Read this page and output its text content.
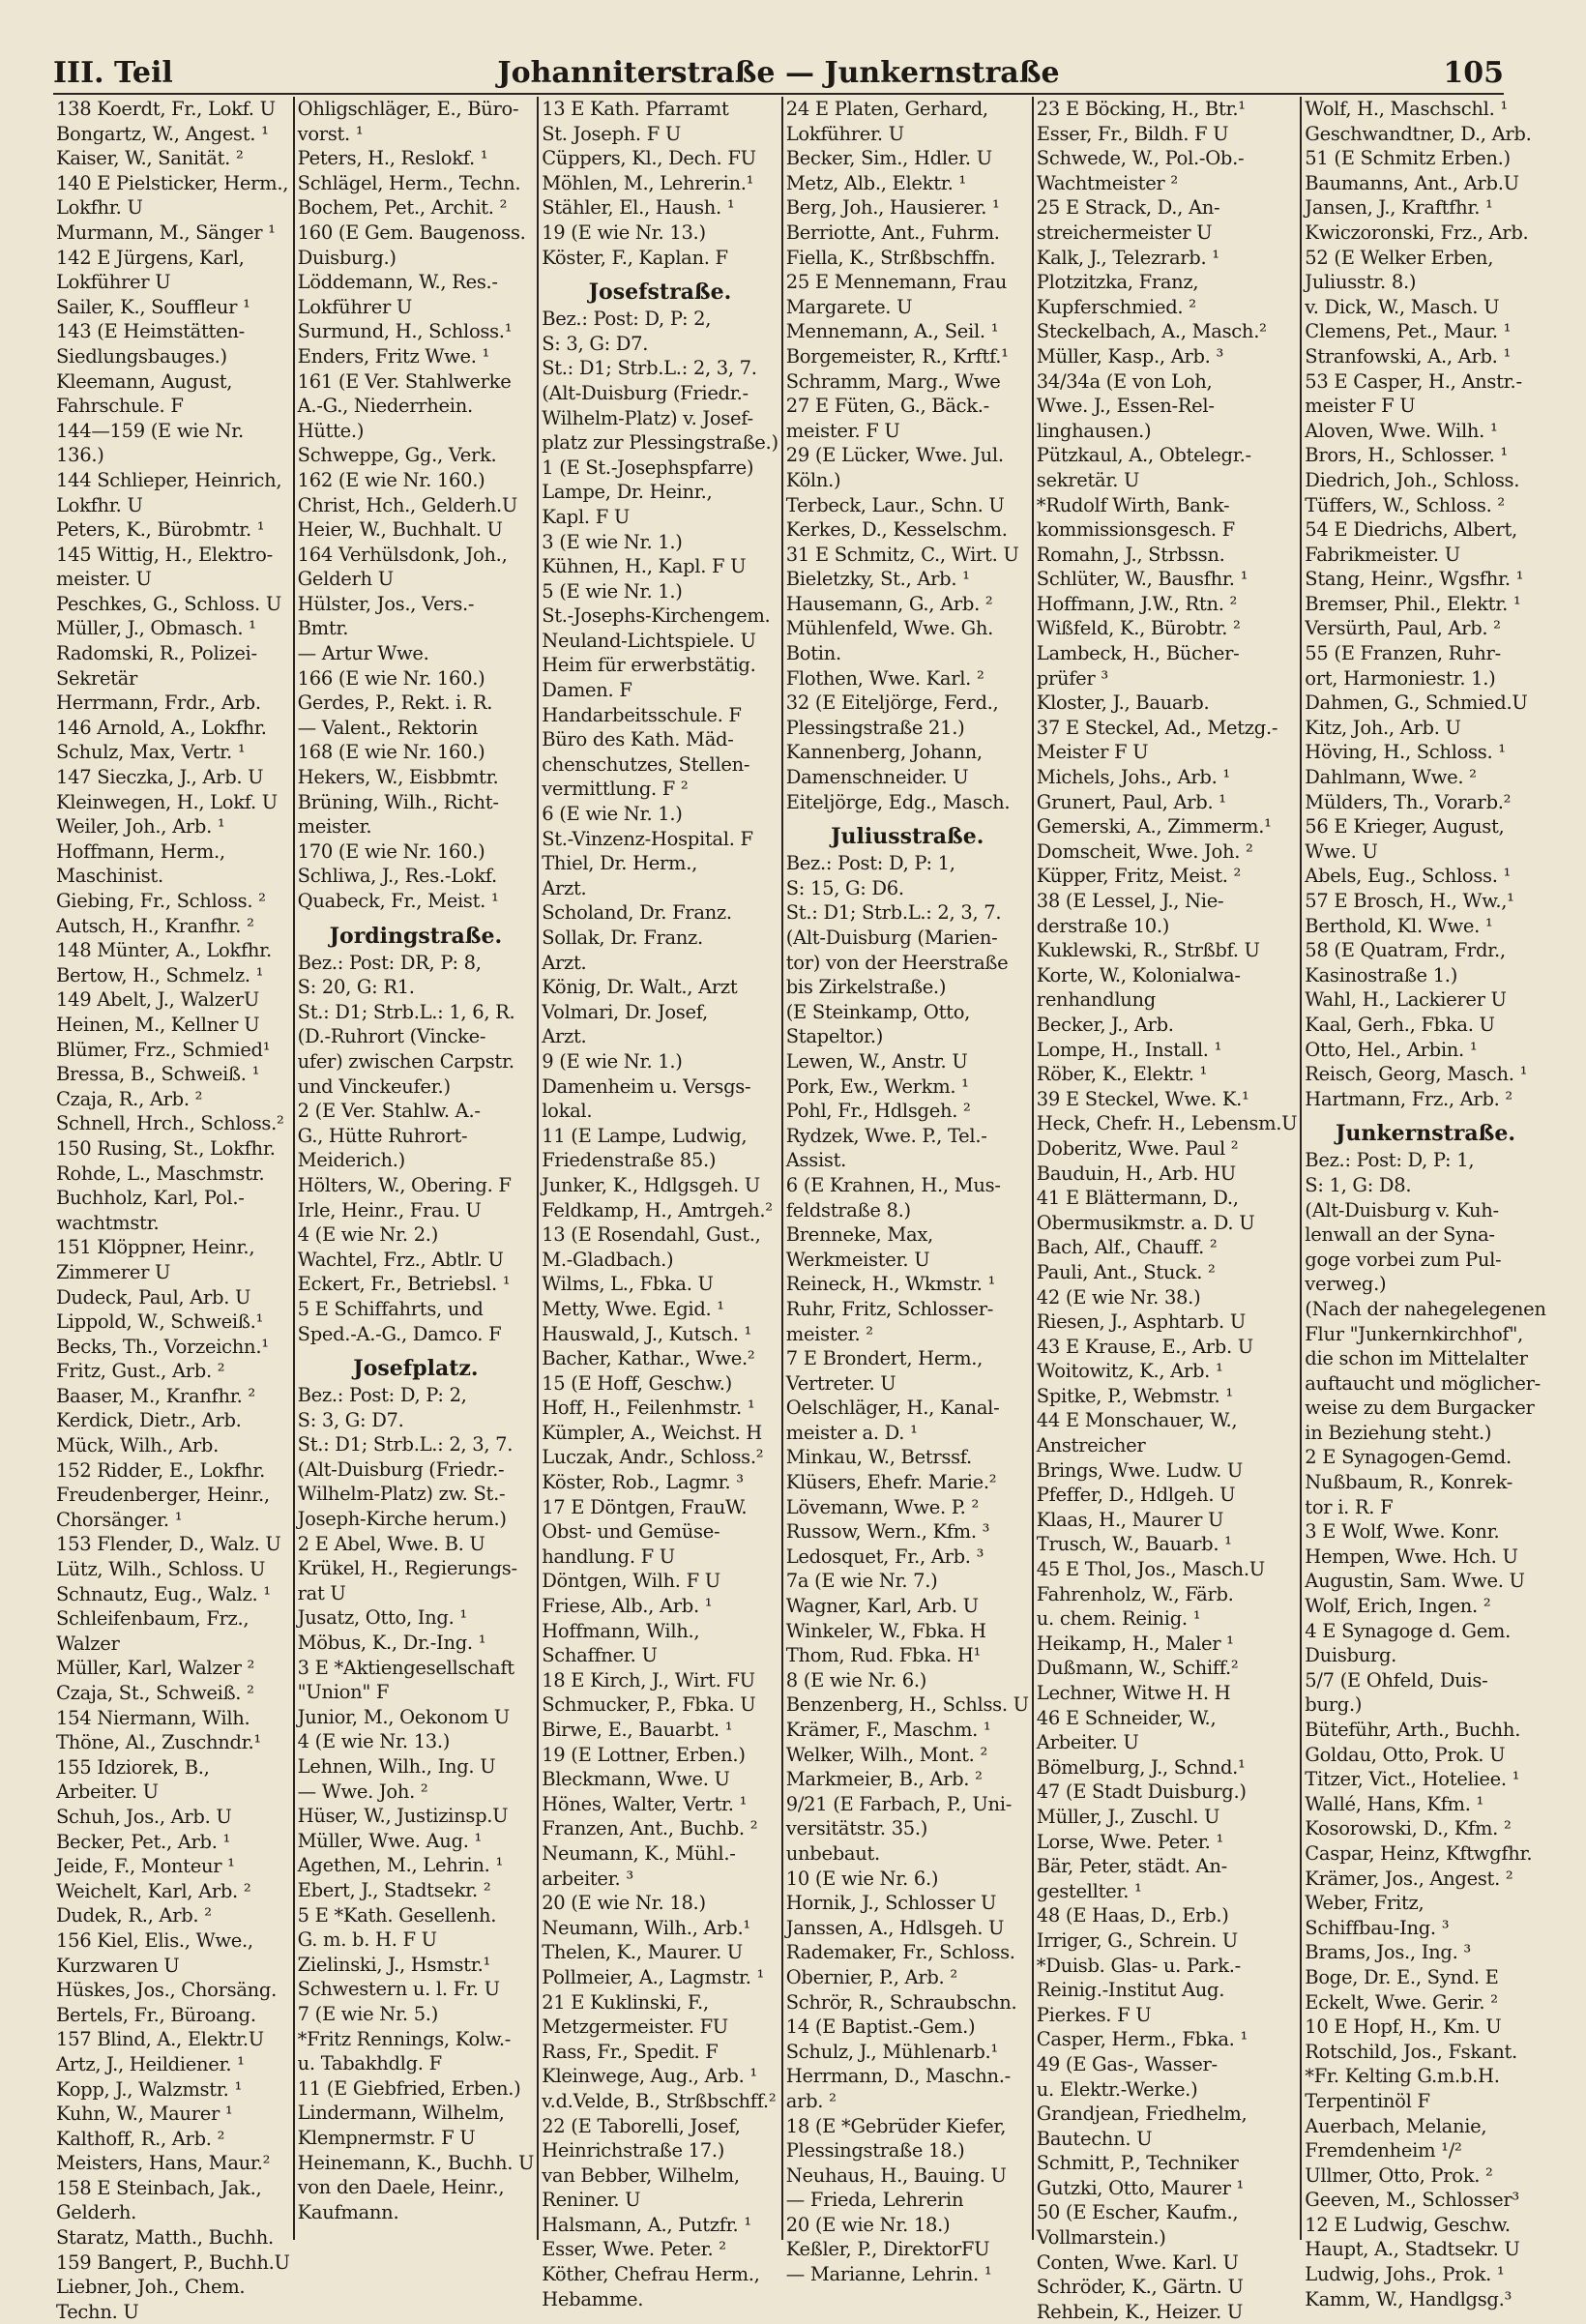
III. Teil	Johanniterstraße — Junkernstraße	105
138 Koerdt, Fr., Lokf. U
Bongartz, W., Angest. ¹
Kaiser, W., Sanität. ²
140 E Pielsticker, Herm.,
Lokfhr. U
Murmann, M., Sänger ¹
142 E Jürgens, Karl,
Lokführer U
Sailer, K., Souffleur ¹
143 (E Heimstätten-
Siedlungsbauges.)
Kleemann, August,
Fahrschule. F
144—159 (E wie Nr.
136.)
144 Schlieper, Heinrich,
Lokfhr. U
Peters, K., Bürobmtr. ¹
145 Wittig, H., Elektro-
meister. U
Peschkes, G., Schloss. U
Müller, J., Obmasch. ¹
Radomski, R., Polizei-
Sekretär
Herrmann, Frdr., Arb.
146 Arnold, A., Lokfhr.
Schulz, Max, Vertr. ¹
147 Sieczka, J., Arb. U
Kleinwegen, H., Lokf. U
Weiler, Joh., Arb. ¹
Hoffmann, Herm.,
Maschinist.
Giebing, Fr., Schloss. ²
Autsch, H., Kranfhr. ²
148 Münter, A., Lokfhr.
Bertow, H., Schmelz. ¹
149 Abelt, J., WalzerU
Heinen, M., Kellner U
Blümer, Frz., Schmied¹
Bressa, B., Schweiß. ¹
Czaja, R., Arb. ²
Schnell, Hrch., Schloss.²
150 Rusing, St., Lokfhr.
Rohde, L., Maschmstr.
Buchholz, Karl, Pol.-
wachtmstr.
151 Klöppner, Heinr.,
Zimmerer U
Dudeck, Paul, Arb. U
Lippold, W., Schweiß.¹
Becks, Th., Vorzeichn.¹
Fritz, Gust., Arb. ²
Baaser, M., Kranfhr. ²
Kerdick, Dietr., Arb.
Mück, Wilh., Arb.
152 Ridder, E., Lokfhr.
Freudenberger, Heinr.,
Chorsänger. ¹
153 Flender, D., Walz. U
Lütz, Wilh., Schloss. U
Schnautz, Eug., Walz. ¹
Schleifenbaum, Frz.,
Walzer
Müller, Karl, Walzer ²
Czaja, St., Schweiß. ²
154 Niermann, Wilh.
Thöne, Al., Zuschndr.¹
155 Idziorek, B.,
Arbeiter. U
Schuh, Jos., Arb. U
Becker, Pet., Arb. ¹
Jeide, F., Monteur ¹
Weichelt, Karl, Arb. ²
Dudek, R., Arb. ²
156 Kiel, Elis., Wwe.,
Kurzwaren U
Hüskes, Jos., Chorsäng.
Bertels, Fr., Büroang.
157 Blind, A., Elektr.U
Artz, J., Heildiener. ¹
Kopp, J., Walzmstr. ¹
Kuhn, W., Maurer ¹
Kalthoff, R., Arb. ²
Meisters, Hans, Maur.²
158 E Steinbach, Jak.,
Gelderh.
Staratz, Matth., Buchh.
159 Bangert, P., Buchh.U
Liebner, Joh., Chem.
Techn. U
Ohligschläger, E., Büro-
vorst. ¹
Peters, H., Reslokf. ¹
Schlägel, Herm., Techn.
Bochem, Pet., Archit. ²
160 (E Gem. Baugenoss.
Duisburg.)
Löddemann, W., Res.-
Lokführer U
Surmund, H., Schloss.¹
Enders, Fritz Wwe. ¹
161 (E Ver. Stahlwerke
A.-G., Niederrhein.
Hütte.)
Schweppe, Gg., Verk.
162 (E wie Nr. 160.)
Christ, Hch., Gelderh.U
Heier, W., Buchhalt. U
164 Verhülsdonk, Joh.,
Gelderh U
Hülster, Jos., Vers.-
Bmtr.
— Artur Wwe.
166 (E wie Nr. 160.)
Gerdes, P., Rekt. i. R.
— Valent., Rektorin
168 (E wie Nr. 160.)
Hekers, W., Eisbbmtr.
Brüning, Wilh., Richt-
meister.
170 (E wie Nr. 160.)
Schliwa, J., Res.-Lokf.
Quabeck, Fr., Meist. ¹
Jordingstraße.
Bez.: Post: DR, P: 8,
S: 20, G: R1.
St.: D1; Strb.L.: 1, 6, R.
(D.-Ruhrort (Vincke-
ufer) zwischen Carpstr.
und Vinckeufer.)
2 (E Ver. Stahlw. A.-
G., Hütte Ruhrort-
Meiderich.)
Hölters, W., Obering. F
Irle, Heinr., Frau. U
4 (E wie Nr. 2.)
Wachtel, Frz., Abtlr. U
Eckert, Fr., Betriebsl. ¹
5 E Schiffahrts, und
Sped.-A.-G., Damco. F
Josefplatz.
Bez.: Post: D, P: 2,
S: 3, G: D7.
St.: D1; Strb.L.: 2, 3, 7.
(Alt-Duisburg (Friedr.-
Wilhelm-Platz) zw. St.-
Joseph-Kirche herum.)
2 E Abel, Wwe. B. U
Krükel, H., Regierungs-
rat U
Jusatz, Otto, Ing. ¹
Möbus, K., Dr.-Ing. ¹
3 E *Aktiengesellschaft
"Union" F
Junior, M., Oekonom U
4 (E wie Nr. 13.)
Lehnen, Wilh., Ing. U
— Wwe. Joh. ²
Hüser, W., Justizinsp.U
Müller, Wwe. Aug. ¹
Agethen, M., Lehrin. ¹
Ebert, J., Stadtsekr. ²
5 E *Kath. Gesellenh.
G. m. b. H. F U
Zielinski, J., Hsmstr.¹
Schwestern u. l. Fr. U
7 (E wie Nr. 5.)
*Fritz Rennings, Kolw.-
u. Tabakhdlg. F
11 (E Giebfried, Erben.)
Lindermann, Wilhelm,
Klempnermstr. F U
Heinemann, K., Buchh. U
von den Daele, Heinr.,
Kaufmann.
13 E Kath. Pfarramt
St. Joseph. F U
Cüppers, Kl., Dech. FU
Möhlen, M., Lehrerin.¹
Stähler, El., Haush. ¹
19 (E wie Nr. 13.)
Köster, F., Kaplan. F
Josefstraße.
Bez.: Post: D, P: 2,
S: 3, G: D7.
St.: D1; Strb.L.: 2, 3, 7.
(Alt-Duisburg (Friedr.-
Wilhelm-Platz) v. Josef-
platz zur Plessingstraße.)
1 (E St.-Josephspfarre)
Lampe, Dr. Heinr.,
Kapl. F U
3 (E wie Nr. 1.)
Kühnen, H., Kapl. F U
5 (E wie Nr. 1.)
St.-Josephs-Kirchengem.
Neuland-Lichtspiele. U
Heim für erwerbstätig.
Damen. F
Handarbeitsschule. F
Büro des Kath. Mäd-
chenschutzes, Stellen-
vermittlung. F ²
6 (E wie Nr. 1.)
St.-Vinzenz-Hospital. F
Thiel, Dr. Herm.,
Arzt.
Scholand, Dr. Franz.
Sollak, Dr. Franz.
Arzt.
König, Dr. Walt., Arzt
Volmari, Dr. Josef,
Arzt.
9 (E wie Nr. 1.)
Damenheim u. Versgs-
lokal.
11 (E Lampe, Ludwig,
Friedenstraße 85.)
Junker, K., Hdlgsgeh. U
Feldkamp, H., Amtrgeh.²
13 (E Rosendahl, Gust.,
M.-Gladbach.)
Wilms, L., Fbka. U
Metty, Wwe. Egid. ¹
Hauswald, J., Kutsch. ¹
Bacher, Kathar., Wwe.²
15 (E Hoff, Geschw.)
Hoff, H., Feilenhmstr. ¹
Kümpler, A., Weichst. H
Luczak, Andr., Schloss.²
Köster, Rob., Lagmr. ³
17 E Döntgen, FrauW.
Obst- und Gemüse-
handlung. F U
Döntgen, Wilh. F U
Friese, Alb., Arb. ¹
Hoffmann, Wilh.,
Schaffner. U
18 E Kirch, J., Wirt. FU
Schmucker, P., Fbka. U
Birwe, E., Bauarbt. ¹
19 (E Lottner, Erben.)
Bleckmann, Wwe. U
Hönes, Walter, Vertr. ¹
Franzen, Ant., Buchb. ²
Neumann, K., Mühl.-
arbeiter. ³
20 (E wie Nr. 18.)
Neumann, Wilh., Arb.¹
Thelen, K., Maurer. U
Pollmeier, A., Lagmstr. ¹
21 E Kuklinski, F.,
Metzgermeister. FU
Rass, Fr., Spedit. F
Kleinwege, Aug., Arb. ¹
v.d.Velde, B., Strßbschff.²
22 (E Taborelli, Josef,
Heinrichstraße 17.)
van Bebber, Wilhelm,
Reniner. U
Halsmann, A., Putzfr. ¹
Esser, Wwe. Peter. ²
Köther, Chefrau Herm.,
Hebamme.
24 E Platen, Gerhard,
Lokführer. U
Becker, Sim., Hdler. U
Metz, Alb., Elektr. ¹
Berg, Joh., Hausierer. ¹
Berriotte, Ant., Fuhrm.
Fiella, K., Strßbschffn.
25 E Mennemann, Frau
Margarete. U
Mennemann, A., Seil. ¹
Borgemeister, R., Krftf.¹
Schramm, Marg., Wwe
27 E Füten, G., Bäck.-
meister. F U
29 (E Lücker, Wwe. Jul.
Köln.)
Terbeck, Laur., Schn. U
Kerkes, D., Kesselschm.
31 E Schmitz, C., Wirt. U
Bieletzky, St., Arb. ¹
Hausemann, G., Arb. ²
Mühlenfeld, Wwe. Gh.
Botin.
Flothen, Wwe. Karl. ²
32 (E Eiteljörge, Ferd.,
Plessingstraße 21.)
Kannenberg, Johann,
Damenschneider. U
Eiteljörge, Edg., Masch.
Juliusstraße.
Bez.: Post: D, P: 1,
S: 15, G: D6.
St.: D1; Strb.L.: 2, 3, 7.
(Alt-Duisburg (Marien-
tor) von der Heerstraße
bis Zirkelstraße.)
(E Steinkamp, Otto,
Stapeltor.)
Lewen, W., Anstr. U
Pork, Ew., Werkm. ¹
Pohl, Fr., Hdlsgeh. ²
Rydzek, Wwe. P., Tel.-
Assist.
6 (E Krahnen, H., Mus-
feldstraße 8.)
Brenneke, Max,
Werkmeister. U
Reineck, H., Wkmstr. ¹
Ruhr, Fritz, Schlosser-
meister. ²
7 E Brondert, Herm.,
Vertreter. U
Oelschläger, H., Kanal-
meister a. D. ¹
Minkau, W., Betrssf.
Klüsers, Ehefr. Marie.²
Lövemann, Wwe. P. ²
Russow, Wern., Kfm. ³
Ledosquet, Fr., Arb. ³
7a (E wie Nr. 7.)
Wagner, Karl, Arb. U
Winkeler, W., Fbka. H
Thom, Rud. Fbka. H¹
8 (E wie Nr. 6.)
Benzenberg, H., Schlss. U
Krämer, F., Maschm. ¹
Welker, Wilh., Mont. ²
Markmeier, B., Arb. ²
9/21 (E Farbach, P., Uni-
versitätstr. 35.)
unbebaut.
10 (E wie Nr. 6.)
Hornik, J., Schlosser U
Janssen, A., Hdlsgeh. U
Rademaker, Fr., Schloss.
Obernier, P., Arb. ²
Schrör, R., Schraubschn.
14 (E Baptist.-Gem.)
Schulz, J., Mühlenarb.¹
Herrmann, D., Maschn.-
arb. ²
18 (E *Gebrüder Kiefer,
Plessingstraße 18.)
Neuhaus, H., Bauing. U
— Frieda, Lehrerin
20 (E wie Nr. 18.)
Keßler, P., DirektorFU
— Marianne, Lehrin. ¹
23 E Böcking, H., Btr.¹
Esser, Fr., Bildh. F U
Schwede, W., Pol.-Ob.-
Wachtmeister ²
25 E Strack, D., An-
streichermeister U
Kalk, J., Telezrarb. ¹
Plotzitzka, Franz,
Kupferschmied. ²
Steckelbach, A., Masch.²
Müller, Kasp., Arb. ³
34/34a (E von Loh,
Wwe. J., Essen-Rel-
linghausen.)
Pützkaul, A., Obtelegr.-
sekretär. U
*Rudolf Wirth, Bank-
kommissionsgesch. F
Romahn, J., Strbssn.
Schlüter, W., Bausfhr. ¹
Hoffmann, J.W., Rtn. ²
Wißfeld, K., Bürobtr. ²
Lambeck, H., Bücher-
prüfer ³
Kloster, J., Bauarb.
37 E Steckel, Ad., Metzg.-
Meister F U
Michels, Johs., Arb. ¹
Grunert, Paul, Arb. ¹
Gemerski, A., Zimmerm.¹
Domscheit, Wwe. Joh. ²
Küpper, Fritz, Meist. ²
38 (E Lessel, J., Nie-
derstraße 10.)
Kuklewski, R., Strßbf. U
Korte, W., Kolonialwa-
renhandlung
Becker, J., Arb.
Lompe, H., Install. ¹
Röber, K., Elektr. ¹
39 E Steckel, Wwe. K.¹
Heck, Chefr. H., Lebensm.U
Doberitz, Wwe. Paul ²
Bauduin, H., Arb. HU
41 E Blättermann, D.,
Obermusikmstr. a. D. U
Bach, Alf., Chauff. ²
Pauli, Ant., Stuck. ²
42 (E wie Nr. 38.)
Riesen, J., Asphtarb. U
43 E Krause, E., Arb. U
Woitowitz, K., Arb. ¹
Spitke, P., Webmstr. ¹
44 E Monschauer, W.,
Anstreicher
Brings, Wwe. Ludw. U
Pfeffer, D., Hdlgeh. U
Klaas, H., Maurer U
Trusch, W., Bauarb. ¹
45 E Thol, Jos., Masch.U
Fahrenholz, W., Färb.
u. chem. Reinig. ¹
Heikamp, H., Maler ¹
Dußmann, W., Schiff.²
Lechner, Witwe H. H
46 E Schneider, W.,
Arbeiter. U
Bömelburg, J., Schnd.¹
47 (E Stadt Duisburg.)
Müller, J., Zuschl. U
Lorse, Wwe. Peter. ¹
Bär, Peter, städt. An-
gestellter. ¹
48 (E Haas, D., Erb.)
Irriger, G., Schrein. U
*Duisb. Glas- u. Park.-
Reinig.-Institut Aug.
Pierkes. F U
Casper, Herm., Fbka. ¹
49 (E Gas-, Wasser-
u. Elektr.-Werke.)
Grandjean, Friedhelm,
Bautechn. U
Schmitt, P., Techniker
Gutzki, Otto, Maurer ¹
50 (E Escher, Kaufm.,
Vollmarstein.)
Conten, Wwe. Karl. U
Schröder, K., Gärtn. U
Rehbein, K., Heizer. U
Wolf, H., Maschschl. ¹
Geschwandtner, D., Arb.
51 (E Schmitz Erben.)
Baumanns, Ant., Arb.U
Jansen, J., Kraftfhr. ¹
Kwiczoronski, Frz., Arb.
52 (E Welker Erben,
Juliusstr. 8.)
v. Dick, W., Masch. U
Clemens, Pet., Maur. ¹
Stranfowski, A., Arb. ¹
53 E Casper, H., Anstr.-
meister F U
Aloven, Wwe. Wilh. ¹
Brors, H., Schlosser. ¹
Diedrich, Joh., Schloss.
Tüffers, W., Schloss. ²
54 E Diedrichs, Albert,
Fabrikmeister. U
Stang, Heinr., Wgsfhr. ¹
Bremser, Phil., Elektr. ¹
Versürth, Paul, Arb. ²
55 (E Franzen, Ruhr-
ort, Harmoniestr. 1.)
Dahmen, G., Schmied.U
Kitz, Joh., Arb. U
Höving, H., Schloss. ¹
Dahlmann, Wwe. ²
Mülders, Th., Vorarb.²
56 E Krieger, August,
Wwe. U
Abels, Eug., Schloss. ¹
57 E Brosch, H., Ww.,¹
Berthold, Kl. Wwe. ¹
58 (E Quatram, Frdr.,
Kasinostraße 1.)
Wahl, H., Lackierer U
Kaal, Gerh., Fbka. U
Otto, Hel., Arbin. ¹
Reisch, Georg, Masch. ¹
Hartmann, Frz., Arb. ²
Junkernstraße.
Bez.: Post: D, P: 1,
S: 1, G: D8.
(Alt-Duisburg v. Kuh-
lenwall an der Syna-
goge vorbei zum Pul-
verweg.)
(Nach der nahegelegenen
Flur "Junkernkirchhof",
die schon im Mittelalter
auftaucht und möglicher-
weise zu dem Burgacker
in Beziehung steht.)
2 E Synagogen-Gemd.
Nußbaum, R., Konrek-
tor i. R. F
3 E Wolf, Wwe. Konr.
Hempen, Wwe. Hch. U
Augustin, Sam. Wwe. U
Wolf, Erich, Ingen. ²
4 E Synagoge d. Gem.
Duisburg.
5/7 (E Ohfeld, Duis-
burg.)
Büteführ, Arth., Buchh.
Goldau, Otto, Prok. U
Titzer, Vict., Hoteliee. ¹
Wallé, Hans, Kfm. ¹
Kosorowski, D., Kfm. ²
Caspar, Heinz, Kftwgfhr.
Krämer, Jos., Angest. ²
Weber, Fritz,
Schiffbau-Ing. ³
Brams, Jos., Ing. ³
Boge, Dr. E., Synd. E
Eckelt, Wwe. Gerir. ²
10 E Hopf, H., Km. U
Rotschild, Jos., Fskant.
*Fr. Kelting G.m.b.H.
Terpentinöl F
Auerbach, Melanie,
Fremdenheim ¹/²
Ullmer, Otto, Prok. ²
Geeven, M., Schlosser³
12 E Ludwig, Geschw.
Haupt, A., Stadtsekr. U
Ludwig, Johs., Prok. ¹
Kamm, W., Handlgsg.³
